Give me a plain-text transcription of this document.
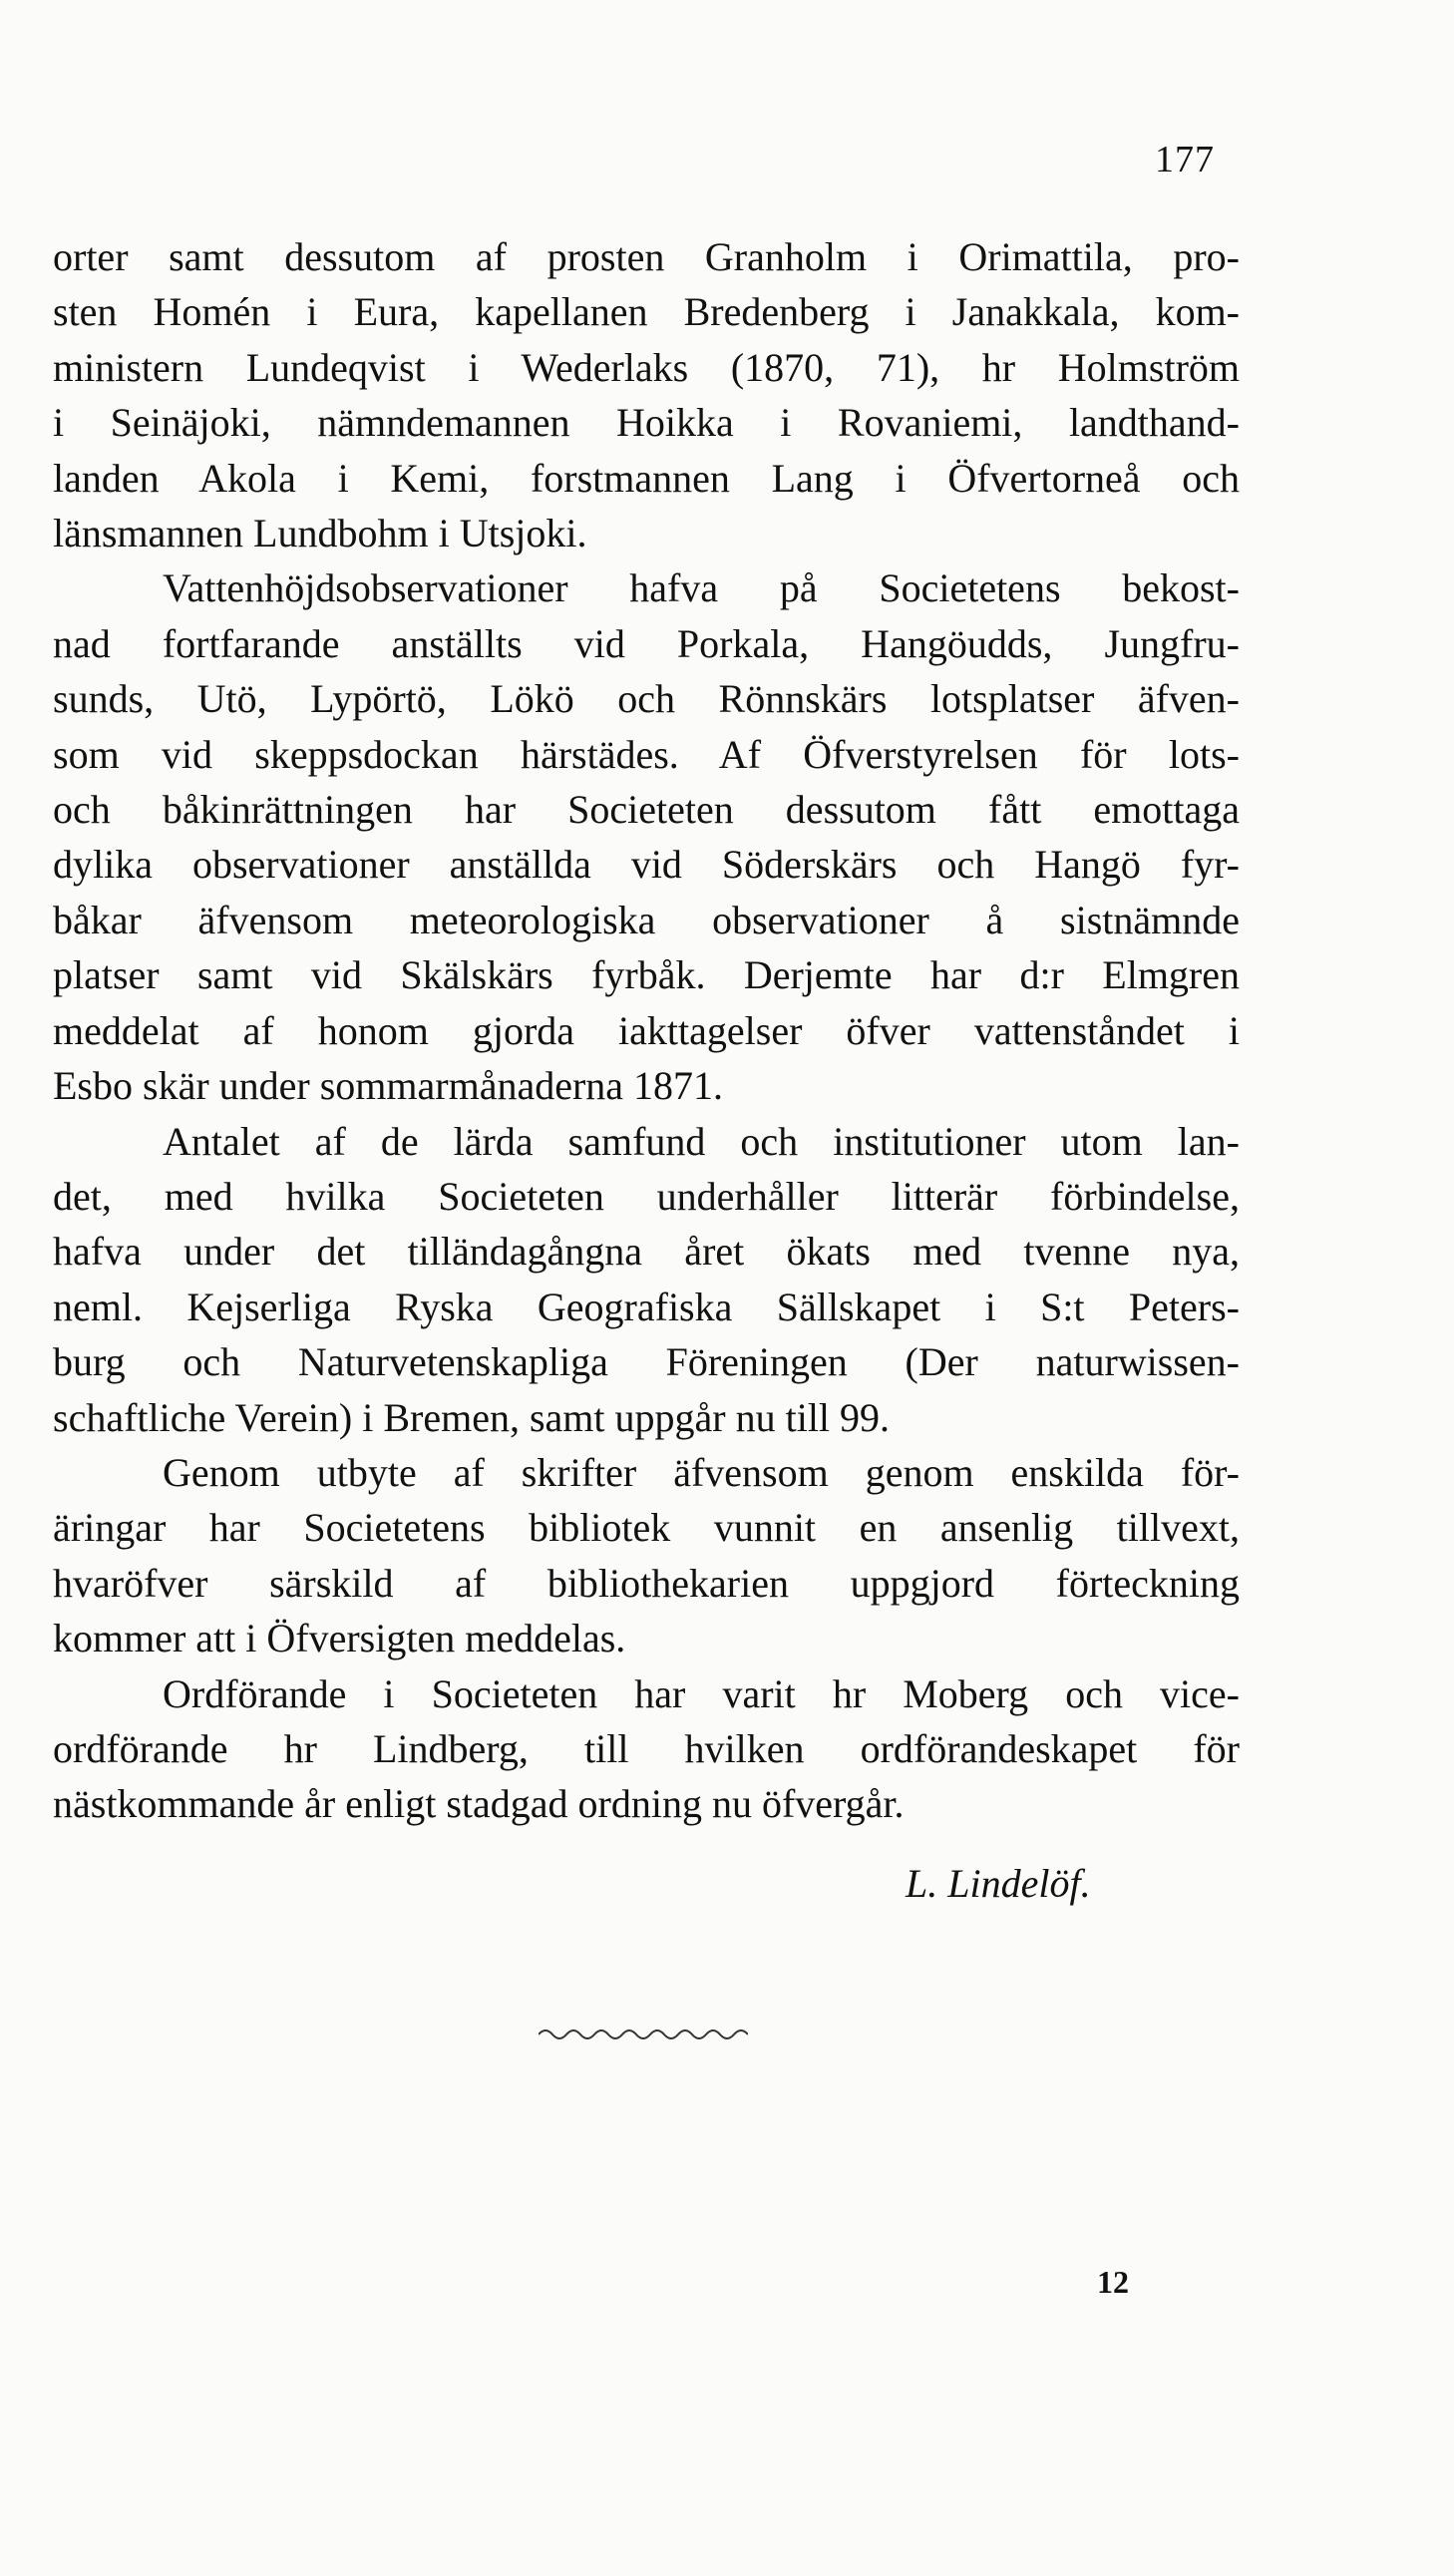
177
orter samt dessutom af prosten Granholm i Orimattila, pro-
sten Homén i Eura, kapellanen Bredenberg i Janakkala, kom-
ministern Lundeqvist i Wederlaks (1870, 71), hr Holmström
i Seinäjoki, nämndemannen Hoikka i Rovaniemi, landthand-
landen Akola i Kemi, forstmannen Lang i Öfvertorneå och
länsmannen Lundbohm i Utsjoki.
Vattenhöjdsobservationer hafva på Societetens bekost-
nad fortfarande anställts vid Porkala, Hangöudds, Jungfru-
sunds, Utö, Lypörtö, Lökö och Rönnskärs lotsplatser äfven-
som vid skeppsdockan härstädes. Af Öfverstyrelsen för lots-
och båkinrättningen har Societeten dessutom fått emottaga
dylika observationer anställda vid Söderskärs och Hangö fyr-
båkar äfvensom meteorologiska observationer å sistnämnde
platser samt vid Skälskärs fyrbåk. Derjemte har d:r Elmgren
meddelat af honom gjorda iakttagelser öfver vattenståndet i
Esbo skär under sommarmånaderna 1871.
Antalet af de lärda samfund och institutioner utom lan-
det, med hvilka Societeten underhåller litterär förbindelse,
hafva under det tilländagångna året ökats med tvenne nya,
neml. Kejserliga Ryska Geografiska Sällskapet i S:t Peters-
burg och Naturvetenskapliga Föreningen (Der naturwissen-
schaftliche Verein) i Bremen, samt uppgår nu till 99.
Genom utbyte af skrifter äfvensom genom enskilda för-
äringar har Societetens bibliotek vunnit en ansenlig tillvext,
hvaröfver särskild af bibliothekarien uppgjord förteckning
kommer att i Öfversigten meddelas.
Ordförande i Societeten har varit hr Moberg och vice-
ordförande hr Lindberg, till hvilken ordförandeskapet för
nästkommande år enligt stadgad ordning nu öfvergår.
L. Lindelöf.
12
